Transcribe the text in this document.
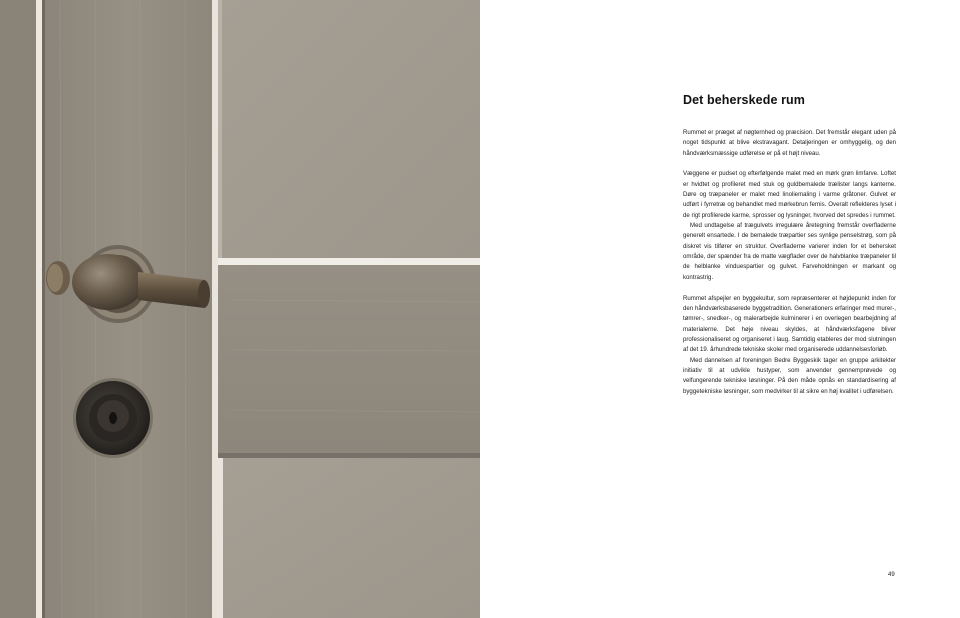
Det beherskede rum

Rummet er præget af nøgternhed og præcision. Det fremstår elegant uden på noget tidspunkt at blive ekstravagant. Detaljeringen er omhyggelig, og den håndværksmæssige udførelse er på et højt niveau.

Væggene er pudset og efterfølgende malet med en mørk grøn limfarve. Loftet er hvidtet og profileret med stuk og guldbemalede trælister langs kanterne. Døre og træpaneler er malet med linoliemaling i varme gråtoner. Gulvet er udført i fyrretræ og behandlet med mørkebrun fernis. Overalt reflekteres lyset i de rigt profilerede karme, sprosser og lysninger, hvorved det spredes i rummet.

Med undtagelse af trægulvets irregulære åretegning fremstår overfladerne generelt ensartede. I de bemalede træpartier ses synlige penselstrøg, som på diskret vis tilfører en struktur. Overfladerne varierer inden for et behersket område, der spænder fra de matte vægflader over de halvblanke træpaneler til de helblanke vinduespartier og gulvet. Farveholdningen er markant og kontrastrig.

Rummet afspejler en byggekultur, som repræsenterer et højdepunkt inden for den håndværksbaserede byggetradition. Generationers erfaringer med murer-, tømrer-, snedker-, og malerarbejde kulminerer i en overlegen bearbejdning af materialerne. Det høje niveau skyldes, at håndværksfagene bliver professionaliseret og organiseret i laug. Samtidig etableres der mod slutningen af det 19. århundrede tekniske skoler med organiserede uddannelsesforløb.

Med dannelsen af foreningen Bedre Byggeskik tager en gruppe arkitekter initiativ til at udvikle hustyper, som anvender gennemprøvede og velfungerende tekniske løsninger. På den måde opnås en standardisering af byggetekniske løsninger, som medvirker til at sikre en høj kvalitet i udførelsen.

49
